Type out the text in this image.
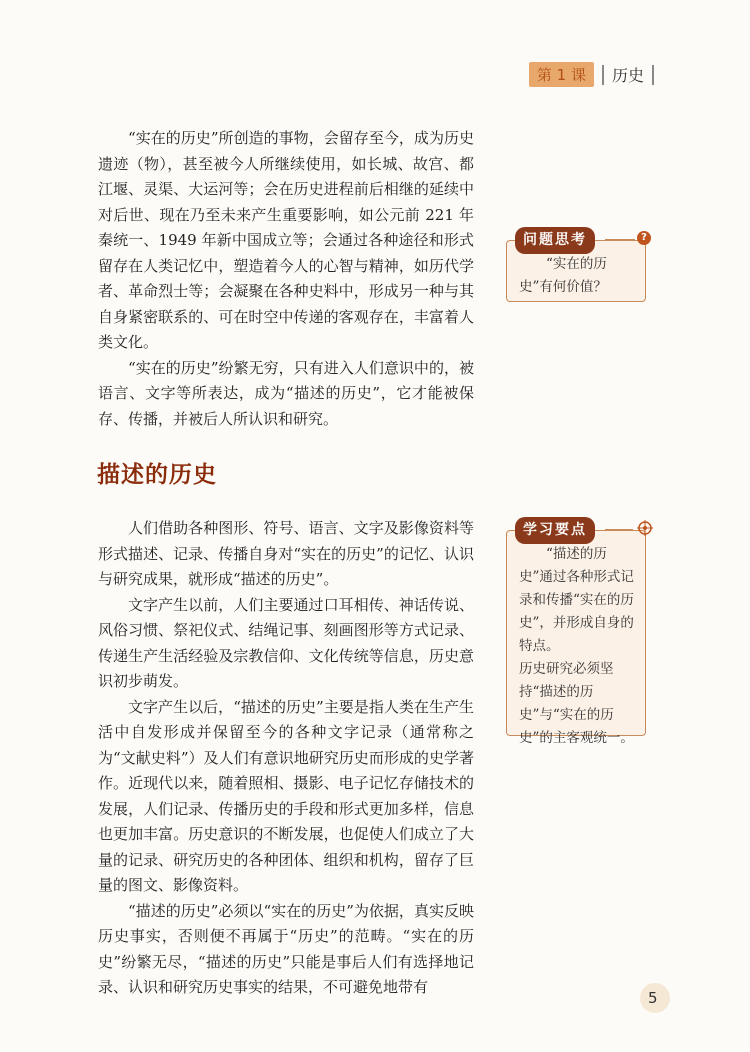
第 1 课	历史

“实在的历史”所创造的事物，会留存至今，成为历史遗迹（物），甚至被今人所继续使用，如长城、故宫、都江堰、灵渠、大运河等；会在历史进程前后相继的延续中对后世、现在乃至未来产生重要影响，如公元前 221 年秦统一、1949 年新中国成立等；会通过各种途径和形式留存在人类记忆中，塑造着今人的心智与精神，如历代学者、革命烈士等；会凝聚在各种史料中，形成另一种与其自身紧密联系的、可在时空中传递的客观存在，丰富着人类文化。

“实在的历史”纷繁无穷，只有进入人们意识中的，被语言、文字等所表达，成为“描述的历史”，它才能被保存、传播，并被后人所认识和研究。

问题思考	?

“实在的历史”有何价值？

描述的历史

人们借助各种图形、符号、语言、文字及影像资料等形式描述、记录、传播自身对“实在的历史”的记忆、认识与研究成果，就形成“描述的历史”。

文字产生以前，人们主要通过口耳相传、神话传说、风俗习惯、祭祀仪式、结绳记事、刻画图形等方式记录、传递生产生活经验及宗教信仰、文化传统等信息，历史意识初步萌发。

文字产生以后，“描述的历史”主要是指人类在生产生活中自发形成并保留至今的各种文字记录（通常称之为“文献史料”）及人们有意识地研究历史而形成的史学著作。近现代以来，随着照相、摄影、电子记忆存储技术的发展，人们记录、传播历史的手段和形式更加多样，信息也更加丰富。历史意识的不断发展，也促使人们成立了大量的记录、研究历史的各种团体、组织和机构，留存了巨量的图文、影像资料。

“描述的历史”必须以“实在的历史”为依据，真实反映历史事实，否则便不再属于“历史”的范畴。“实在的历史”纷繁无尽，“描述的历史”只能是事后人们有选择地记录、认识和研究历史事实的结果，不可避免地带有

学习要点

“描述的历史”通过各种形式记录和传播“实在的历史”，并形成自身的特点。

历史研究必须坚持“描述的历史”与“实在的历史”的主客观统一。

5
